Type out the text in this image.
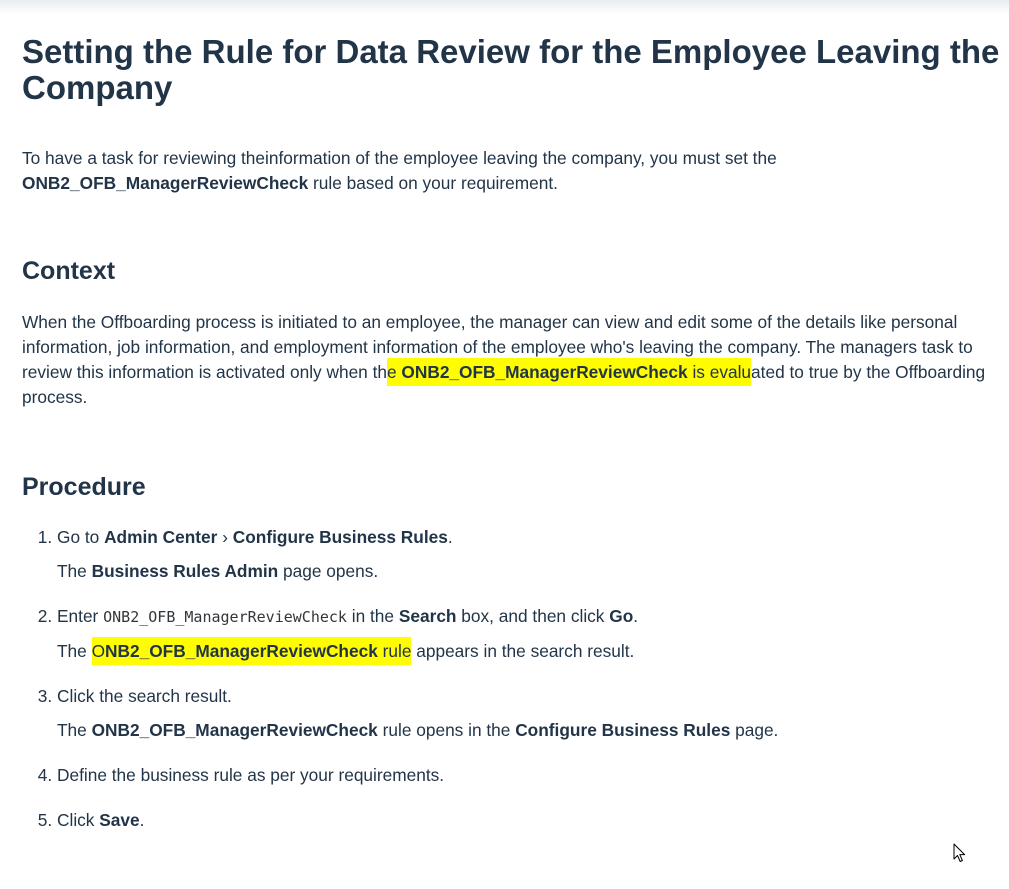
Setting the Rule for Data Review for the Employee Leaving the Company

To have a task for reviewing theinformation of the employee leaving the company, you must set the ONB2_OFB_ManagerReviewCheck rule based on your requirement.

Context

When the Offboarding process is initiated to an employee, the manager can view and edit some of the details like personal information, job information, and employment information of the employee who's leaving the company. The managers task to review this information is activated only when the ONB2_OFB_ManagerReviewCheck is evaluated to true by the Offboarding process.

Procedure
1. Go to Admin Center › Configure Business Rules.
The Business Rules Admin page opens.
2. Enter ONB2_OFB_ManagerReviewCheck in the Search box, and then click Go.
The ONB2_OFB_ManagerReviewCheck rule appears in the search result.
3. Click the search result.
The ONB2_OFB_ManagerReviewCheck rule opens in the Configure Business Rules page.
4. Define the business rule as per your requirements.
5. Click Save.
